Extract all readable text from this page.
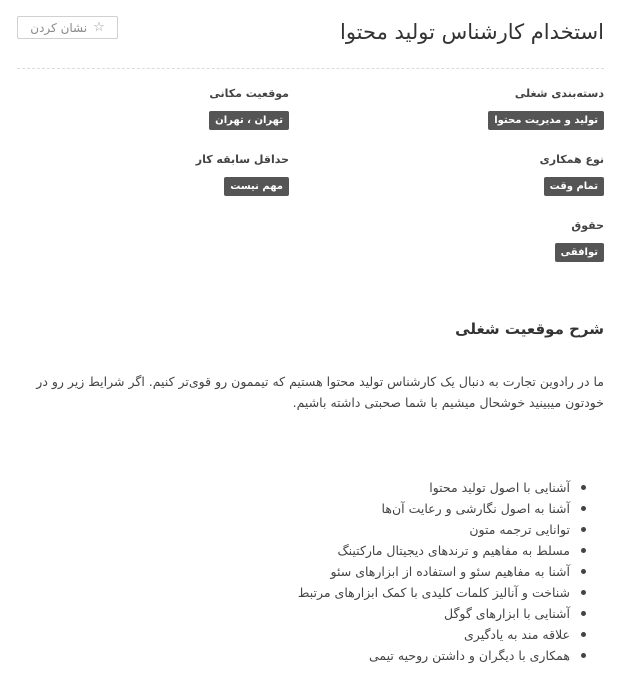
استخدام کارشناس تولید محتوا
☆
نشان کردن
دسته‌بندی شغلی
تولید و مدیریت محتوا
موقعیت مکانی
تهران ، تهران
نوع همکاری
تمام وقت
حداقل سابقه کار
مهم نیست
حقوق
توافقی
شرح موقعیت شغلی

ما در رادوین تجارت به دنبال یک کارشناس تولید محتوا هستیم که تیممون رو قوی‌تر کنیم. اگر شرایط زیر رو در خودتون میبینید خوشحال میشیم با شما صحبتی داشته باشیم.

آشنایی با اصول تولید محتوا
آشنا به اصول نگارشی و رعایت آن‌ها
توانایی ترجمه متون
مسلط به مفاهیم و ترندهای دیجیتال مارکتینگ
آشنا به مفاهیم سئو و استفاده از ابزارهای سئو
شناخت و آنالیز کلمات کلیدی با کمک ابزارهای مرتبط
آشنایی با ابزارهای گوگل
علاقه مند به یادگیری
همکاری با دیگران و داشتن روحیه تیمی
